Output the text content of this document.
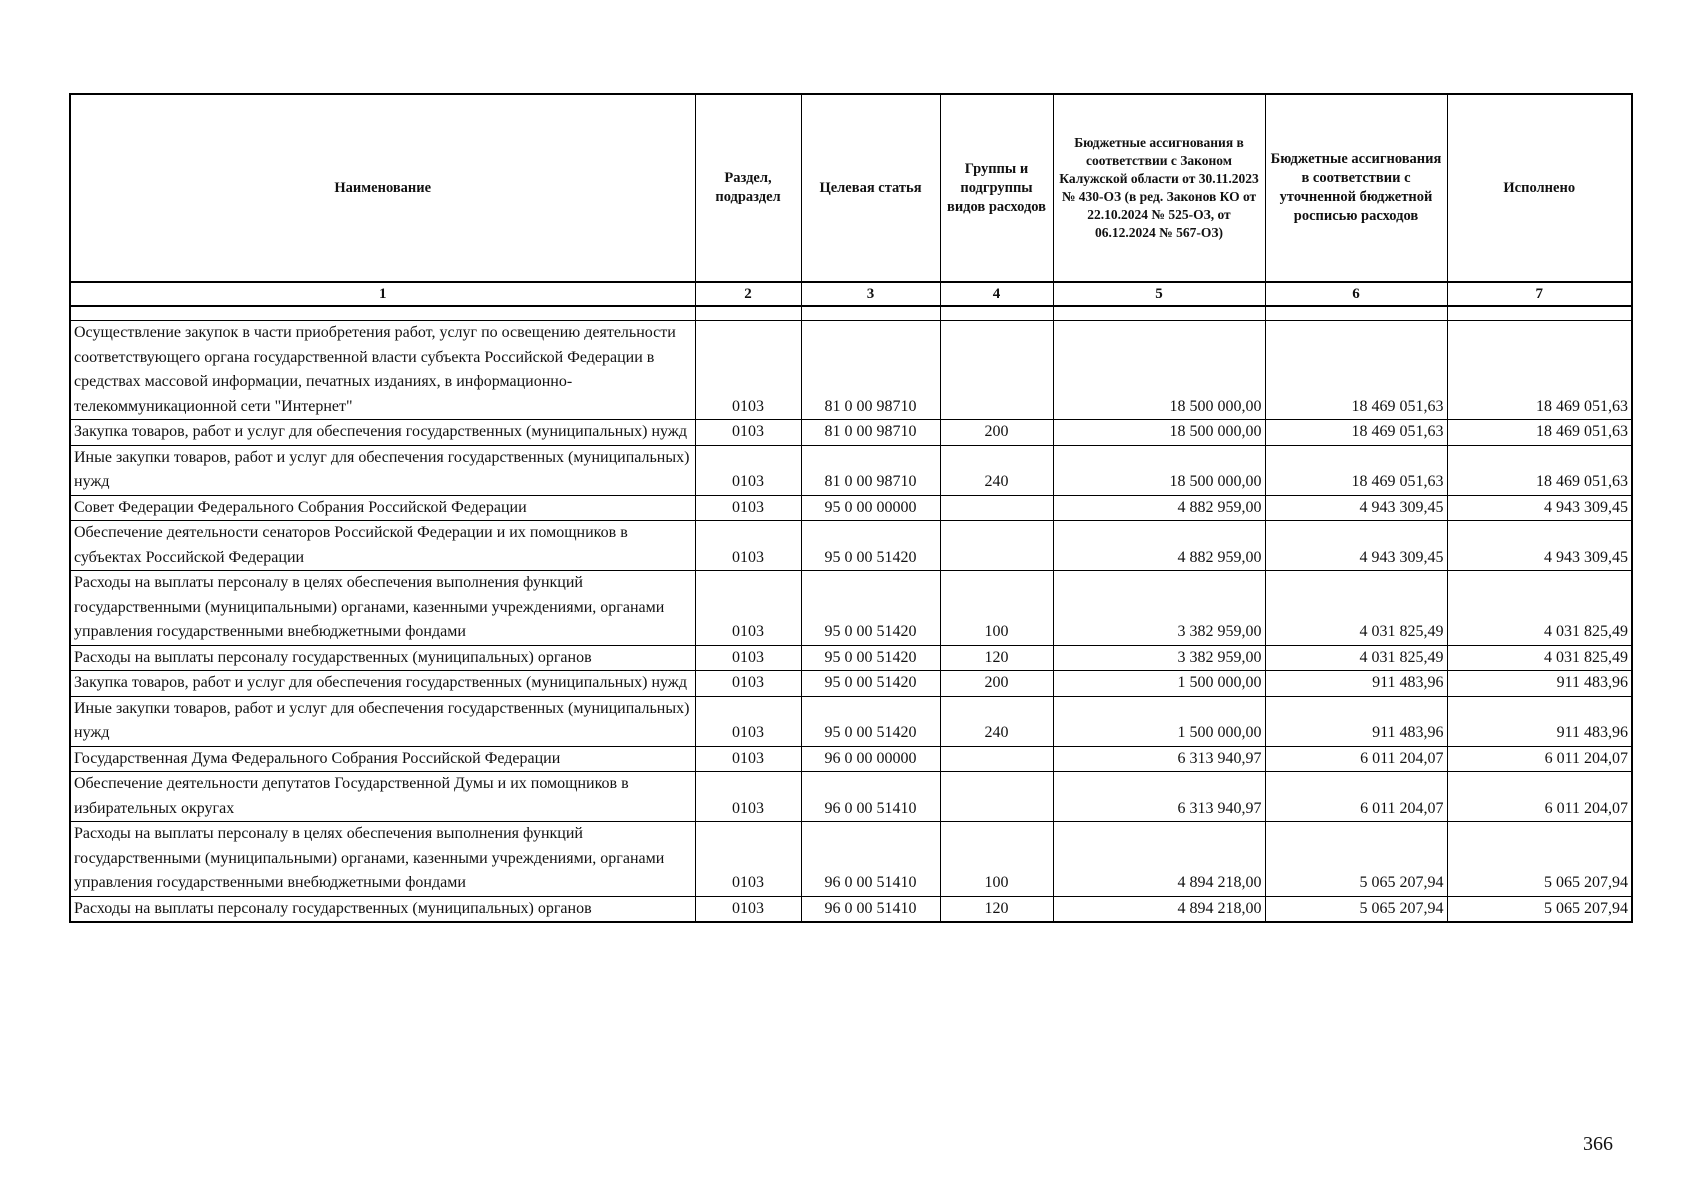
Наименование	Раздел, подраздел	Целевая статья	Группы и подгруппы видов расходов	Бюджетные ассигнования в соответствии с Законом Калужской области от 30.11.2023 № 430-ОЗ (в ред. Законов КО от 22.10.2024 № 525-ОЗ, от 06.12.2024 № 567-ОЗ)	Бюджетные ассигнования в соответствии с уточненной бюджетной росписью расходов	Исполнено
1	2	3	4	5	6	7

Осуществление закупок в части приобретения работ, услуг по освещению деятельности соответствующего органа государственной власти субъекта Российской Федерации в средствах массовой информации, печатных изданиях, в информационно-телекоммуникационной сети "Интернет"	0103	81 0 00 98710		18 500 000,00	18 469 051,63	18 469 051,63
Закупка товаров, работ и услуг для обеспечения государственных (муниципальных) нужд	0103	81 0 00 98710	200	18 500 000,00	18 469 051,63	18 469 051,63
Иные закупки товаров, работ и услуг для обеспечения государственных (муниципальных) нужд	0103	81 0 00 98710	240	18 500 000,00	18 469 051,63	18 469 051,63
Совет Федерации Федерального Собрания Российской Федерации	0103	95 0 00 00000		4 882 959,00	4 943 309,45	4 943 309,45
Обеспечение деятельности сенаторов Российской Федерации и их помощников в субъектах Российской Федерации	0103	95 0 00 51420		4 882 959,00	4 943 309,45	4 943 309,45
Расходы на выплаты персоналу в целях обеспечения выполнения функций государственными (муниципальными) органами, казенными учреждениями, органами управления государственными внебюджетными фондами	0103	95 0 00 51420	100	3 382 959,00	4 031 825,49	4 031 825,49
Расходы на выплаты персоналу государственных (муниципальных) органов	0103	95 0 00 51420	120	3 382 959,00	4 031 825,49	4 031 825,49
Закупка товаров, работ и услуг для обеспечения государственных (муниципальных) нужд	0103	95 0 00 51420	200	1 500 000,00	911 483,96	911 483,96
Иные закупки товаров, работ и услуг для обеспечения государственных (муниципальных) нужд	0103	95 0 00 51420	240	1 500 000,00	911 483,96	911 483,96
Государственная Дума Федерального Собрания Российской Федерации	0103	96 0 00 00000		6 313 940,97	6 011 204,07	6 011 204,07
Обеспечение деятельности депутатов Государственной Думы и их помощников в избирательных округах	0103	96 0 00 51410		6 313 940,97	6 011 204,07	6 011 204,07
Расходы на выплаты персоналу в целях обеспечения выполнения функций государственными (муниципальными) органами, казенными учреждениями, органами управления государственными внебюджетными фондами	0103	96 0 00 51410	100	4 894 218,00	5 065 207,94	5 065 207,94
Расходы на выплаты персоналу государственных (муниципальных) органов	0103	96 0 00 51410	120	4 894 218,00	5 065 207,94	5 065 207,94
366
